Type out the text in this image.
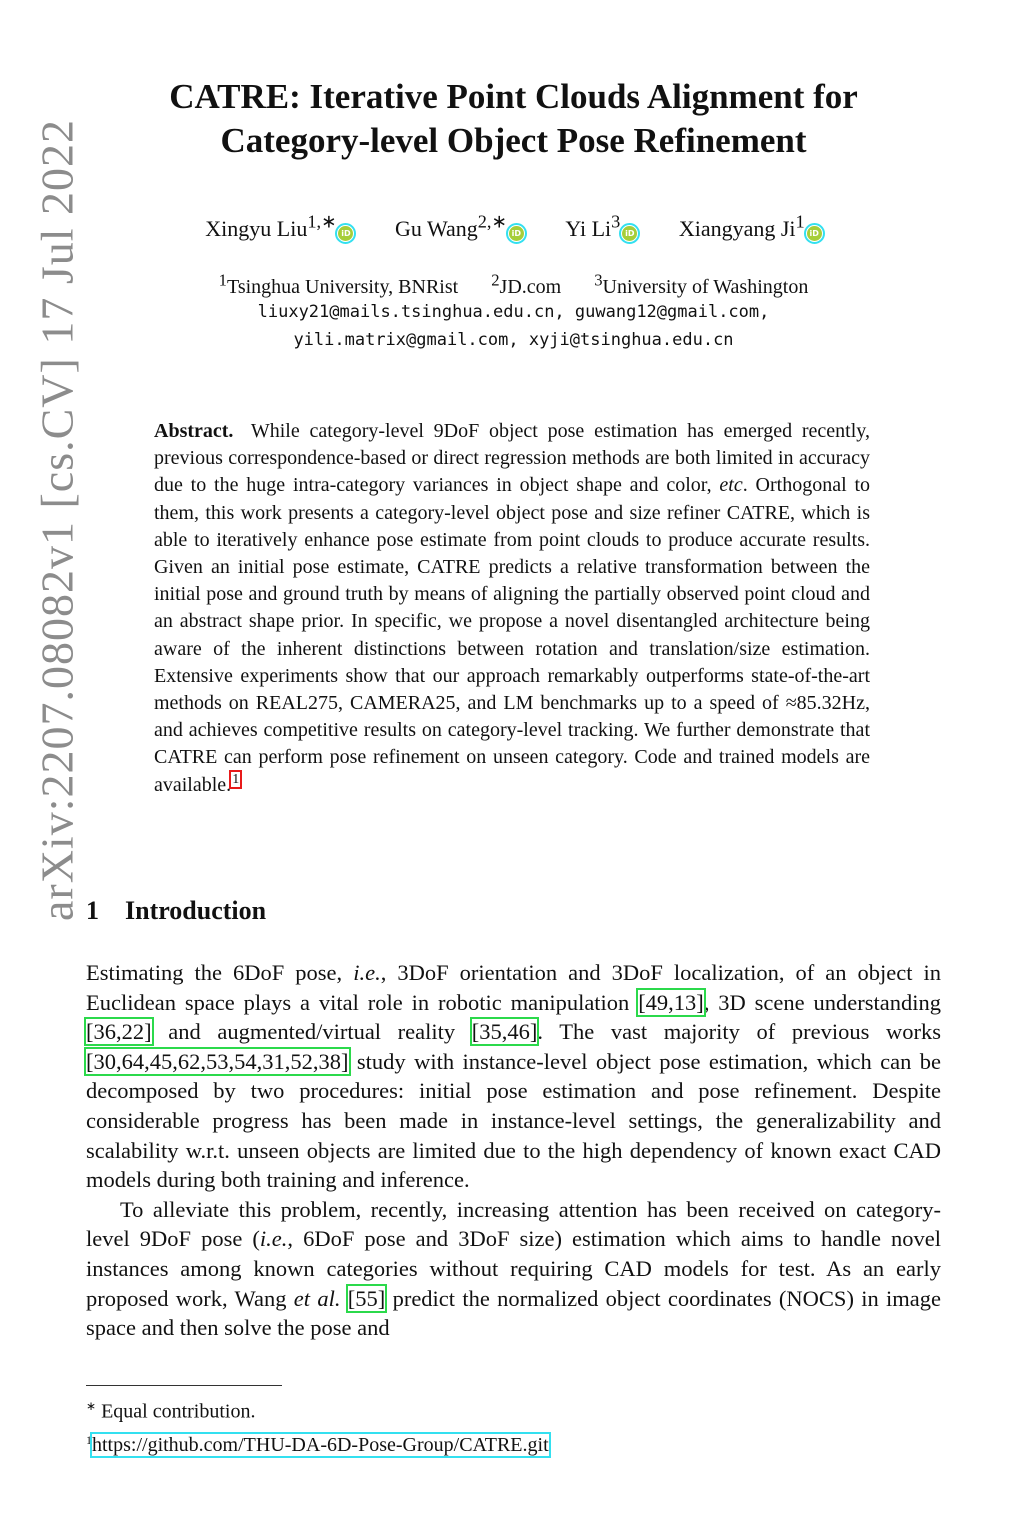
arXiv:2207.08082v1 [cs.CV] 17 Jul 2022
CATRE: Iterative Point Clouds Alignment for
Category-level Object Pose Refinement
Xingyu Liu$^{1,∗}$iD Gu Wang$^{2,∗}$iD Yi Li$^3$iD Xiangyang Ji$^1$iD
$^1$Tsinghua University, BNRist $^2$JD.com $^3$University of Washington
liuxy21@mails.tsinghua.edu.cn, guwang12@gmail.com,
yili.matrix@gmail.com, xyji@tsinghua.edu.cn
Abstract. While category-level 9DoF object pose estimation has emerged recently, previous correspondence-based or direct regression methods are both limited in accuracy due to the huge intra-category variances in object shape and color, etc. Orthogonal to them, this work presents a category-level object pose and size refiner CATRE, which is able to iteratively enhance pose estimate from point clouds to produce accurate results. Given an initial pose estimate, CATRE predicts a relative transformation between the initial pose and ground truth by means of aligning the partially observed point cloud and an abstract shape prior. In specific, we propose a novel disentangled architecture being aware of the inherent distinctions between rotation and translation/size estimation. Extensive experiments show that our approach remarkably outperforms state-of-the-art methods on REAL275, CAMERA25, and LM benchmarks up to a speed of ≈85.32Hz, and achieves competitive results on category-level tracking. We further demonstrate that CATRE can perform pose refinement on unseen category. Code and trained models are available.$^1$
1 Introduction

Estimating the 6DoF pose, i.e., 3DoF orientation and 3DoF localization, of an object in Euclidean space plays a vital role in robotic manipulation [49,13], 3D scene understanding [36,22] and augmented/virtual reality [35,46]. The vast majority of previous works [30,64,45,62,53,54,31,52,38] study with instance-level object pose estimation, which can be decomposed by two procedures: initial pose estimation and pose refinement. Despite considerable progress has been made in instance-level settings, the generalizability and scalability w.r.t. unseen objects are limited due to the high dependency of known exact CAD models during both training and inference.

To alleviate this problem, recently, increasing attention has been received on category-level 9DoF pose (i.e., 6DoF pose and 3DoF size) estimation which aims to handle novel instances among known categories without requiring CAD models for test. As an early proposed work, Wang et al. [55] predict the normalized object coordinates (NOCS) in image space and then solve the pose and

∗ Equal contribution.

$^1$https://github.com/THU-DA-6D-Pose-Group/CATRE.git
